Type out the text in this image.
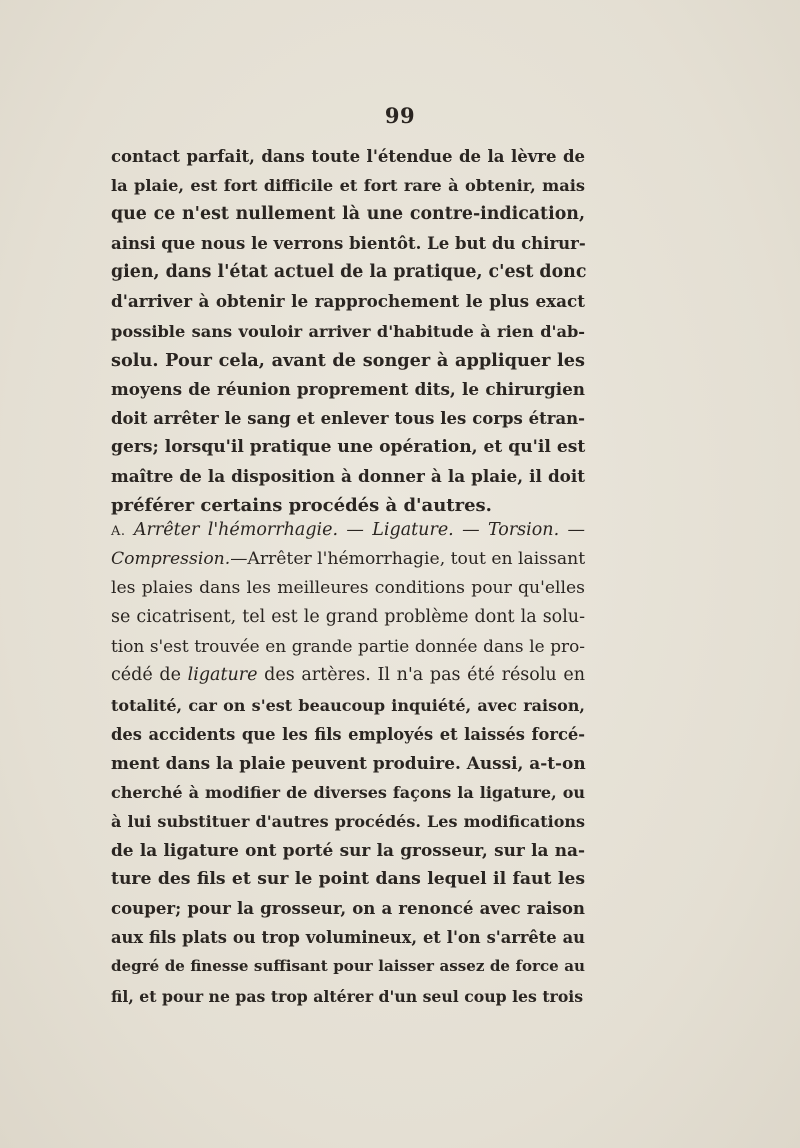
99
contact parfait, dans toute l'étendue de la lèvre de
la plaie, est fort difficile et fort rare à obtenir, mais
que ce n'est nullement là une contre-indication,
ainsi que nous le verrons bientôt. Le but du chirur-
gien, dans l'état actuel de la pratique, c'est donc
d'arriver à obtenir le rapprochement le plus exact
possible sans vouloir arriver d'habitude à rien d'ab-
solu. Pour cela, avant de songer à appliquer les
moyens de réunion proprement dits, le chirurgien
doit arrêter le sang et enlever tous les corps étran-
gers; lorsqu'il pratique une opération, et qu'il est
maître de la disposition à donner à la plaie, il doit
préférer certains procédés à d'autres.
A. Arrêter l'hémorrhagie. — Ligature. — Torsion. —
Compression.—Arrêter l'hémorrhagie, tout en laissant
les plaies dans les meilleures conditions pour qu'elles
se cicatrisent, tel est le grand problème dont la solu-
tion s'est trouvée en grande partie donnée dans le pro-
cédé de ligature des artères. Il n'a pas été résolu en
totalité, car on s'est beaucoup inquiété, avec raison,
des accidents que les fils employés et laissés forcé-
ment dans la plaie peuvent produire. Aussi, a-t-on
cherché à modifier de diverses façons la ligature, ou
à lui substituer d'autres procédés. Les modifications
de la ligature ont porté sur la grosseur, sur la na-
ture des fils et sur le point dans lequel il faut les
couper; pour la grosseur, on a renoncé avec raison
aux fils plats ou trop volumineux, et l'on s'arrête au
degré de finesse suffisant pour laisser assez de force au
fil, et pour ne pas trop altérer d'un seul coup les trois
